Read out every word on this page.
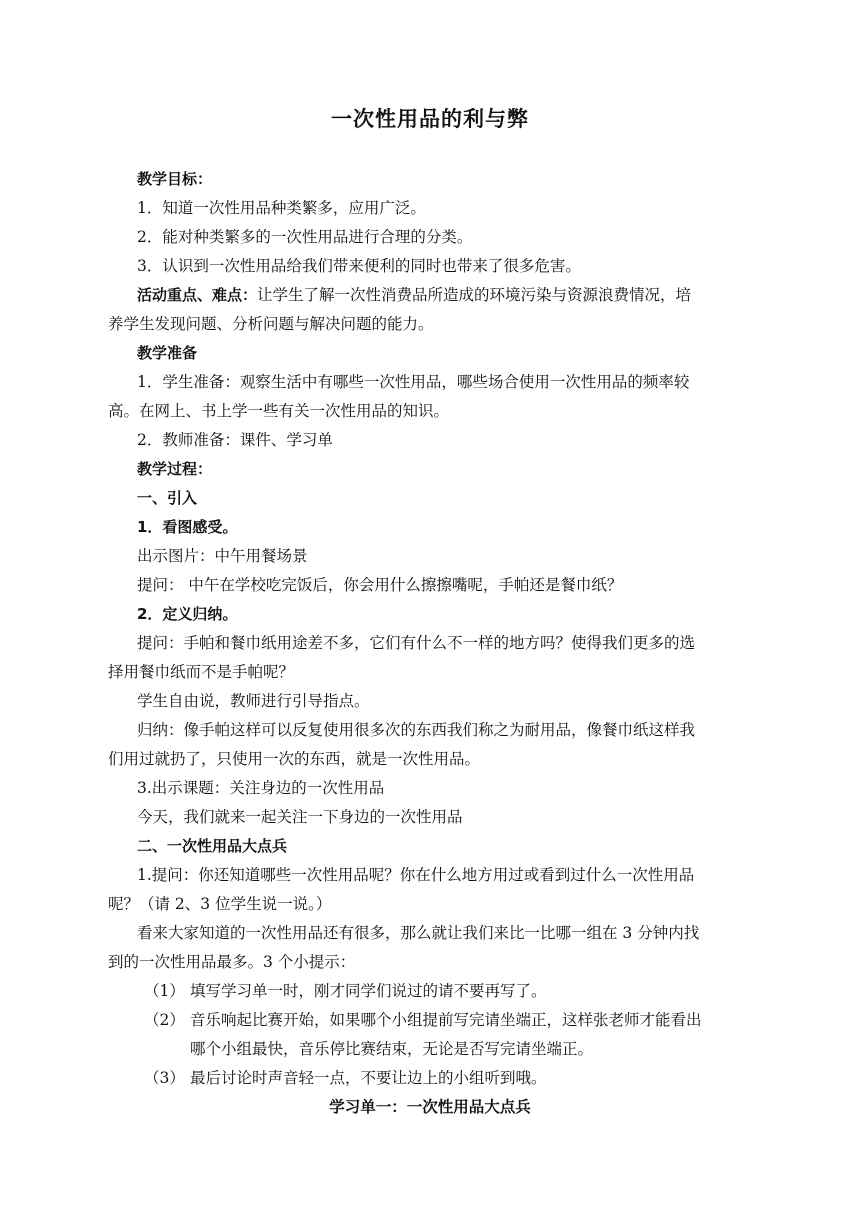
一次性用品的利与弊
教学目标：
1．知道一次性用品种类繁多，应用广泛。
2．能对种类繁多的一次性用品进行合理的分类。
3．认识到一次性用品给我们带来便利的同时也带来了很多危害。
活动重点、难点：让学生了解一次性消费品所造成的环境污染与资源浪费情况，培
养学生发现问题、分析问题与解决问题的能力。
教学准备
1．学生准备：观察生活中有哪些一次性用品，哪些场合使用一次性用品的频率较
高。在网上、书上学一些有关一次性用品的知识。
2．教师准备：课件、学习单
教学过程：
一、引入
1．看图感受。
出示图片：中午用餐场景
提问： 中午在学校吃完饭后，你会用什么擦擦嘴呢，手帕还是餐巾纸？
2．定义归纳。
提问：手帕和餐巾纸用途差不多，它们有什么不一样的地方吗？使得我们更多的选
择用餐巾纸而不是手帕呢？
学生自由说，教师进行引导指点。
归纳：像手帕这样可以反复使用很多次的东西我们称之为耐用品，像餐巾纸这样我
们用过就扔了，只使用一次的东西，就是一次性用品。
3.出示课题：关注身边的一次性用品
今天，我们就来一起关注一下身边的一次性用品
二、一次性用品大点兵
1.提问：你还知道哪些一次性用品呢？你在什么地方用过或看到过什么一次性用品
呢？（请 2、3 位学生说一说。）
看来大家知道的一次性用品还有很多，那么就让我们来比一比哪一组在 3 分钟内找
到的一次性用品最多。3 个小提示：
（1） 填写学习单一时，刚才同学们说过的请不要再写了。
（2） 音乐响起比赛开始，如果哪个小组提前写完请坐端正，这样张老师才能看出
哪个小组最快，音乐停比赛结束，无论是否写完请坐端正。
（3） 最后讨论时声音轻一点，不要让边上的小组听到哦。
学习单一：一次性用品大点兵
